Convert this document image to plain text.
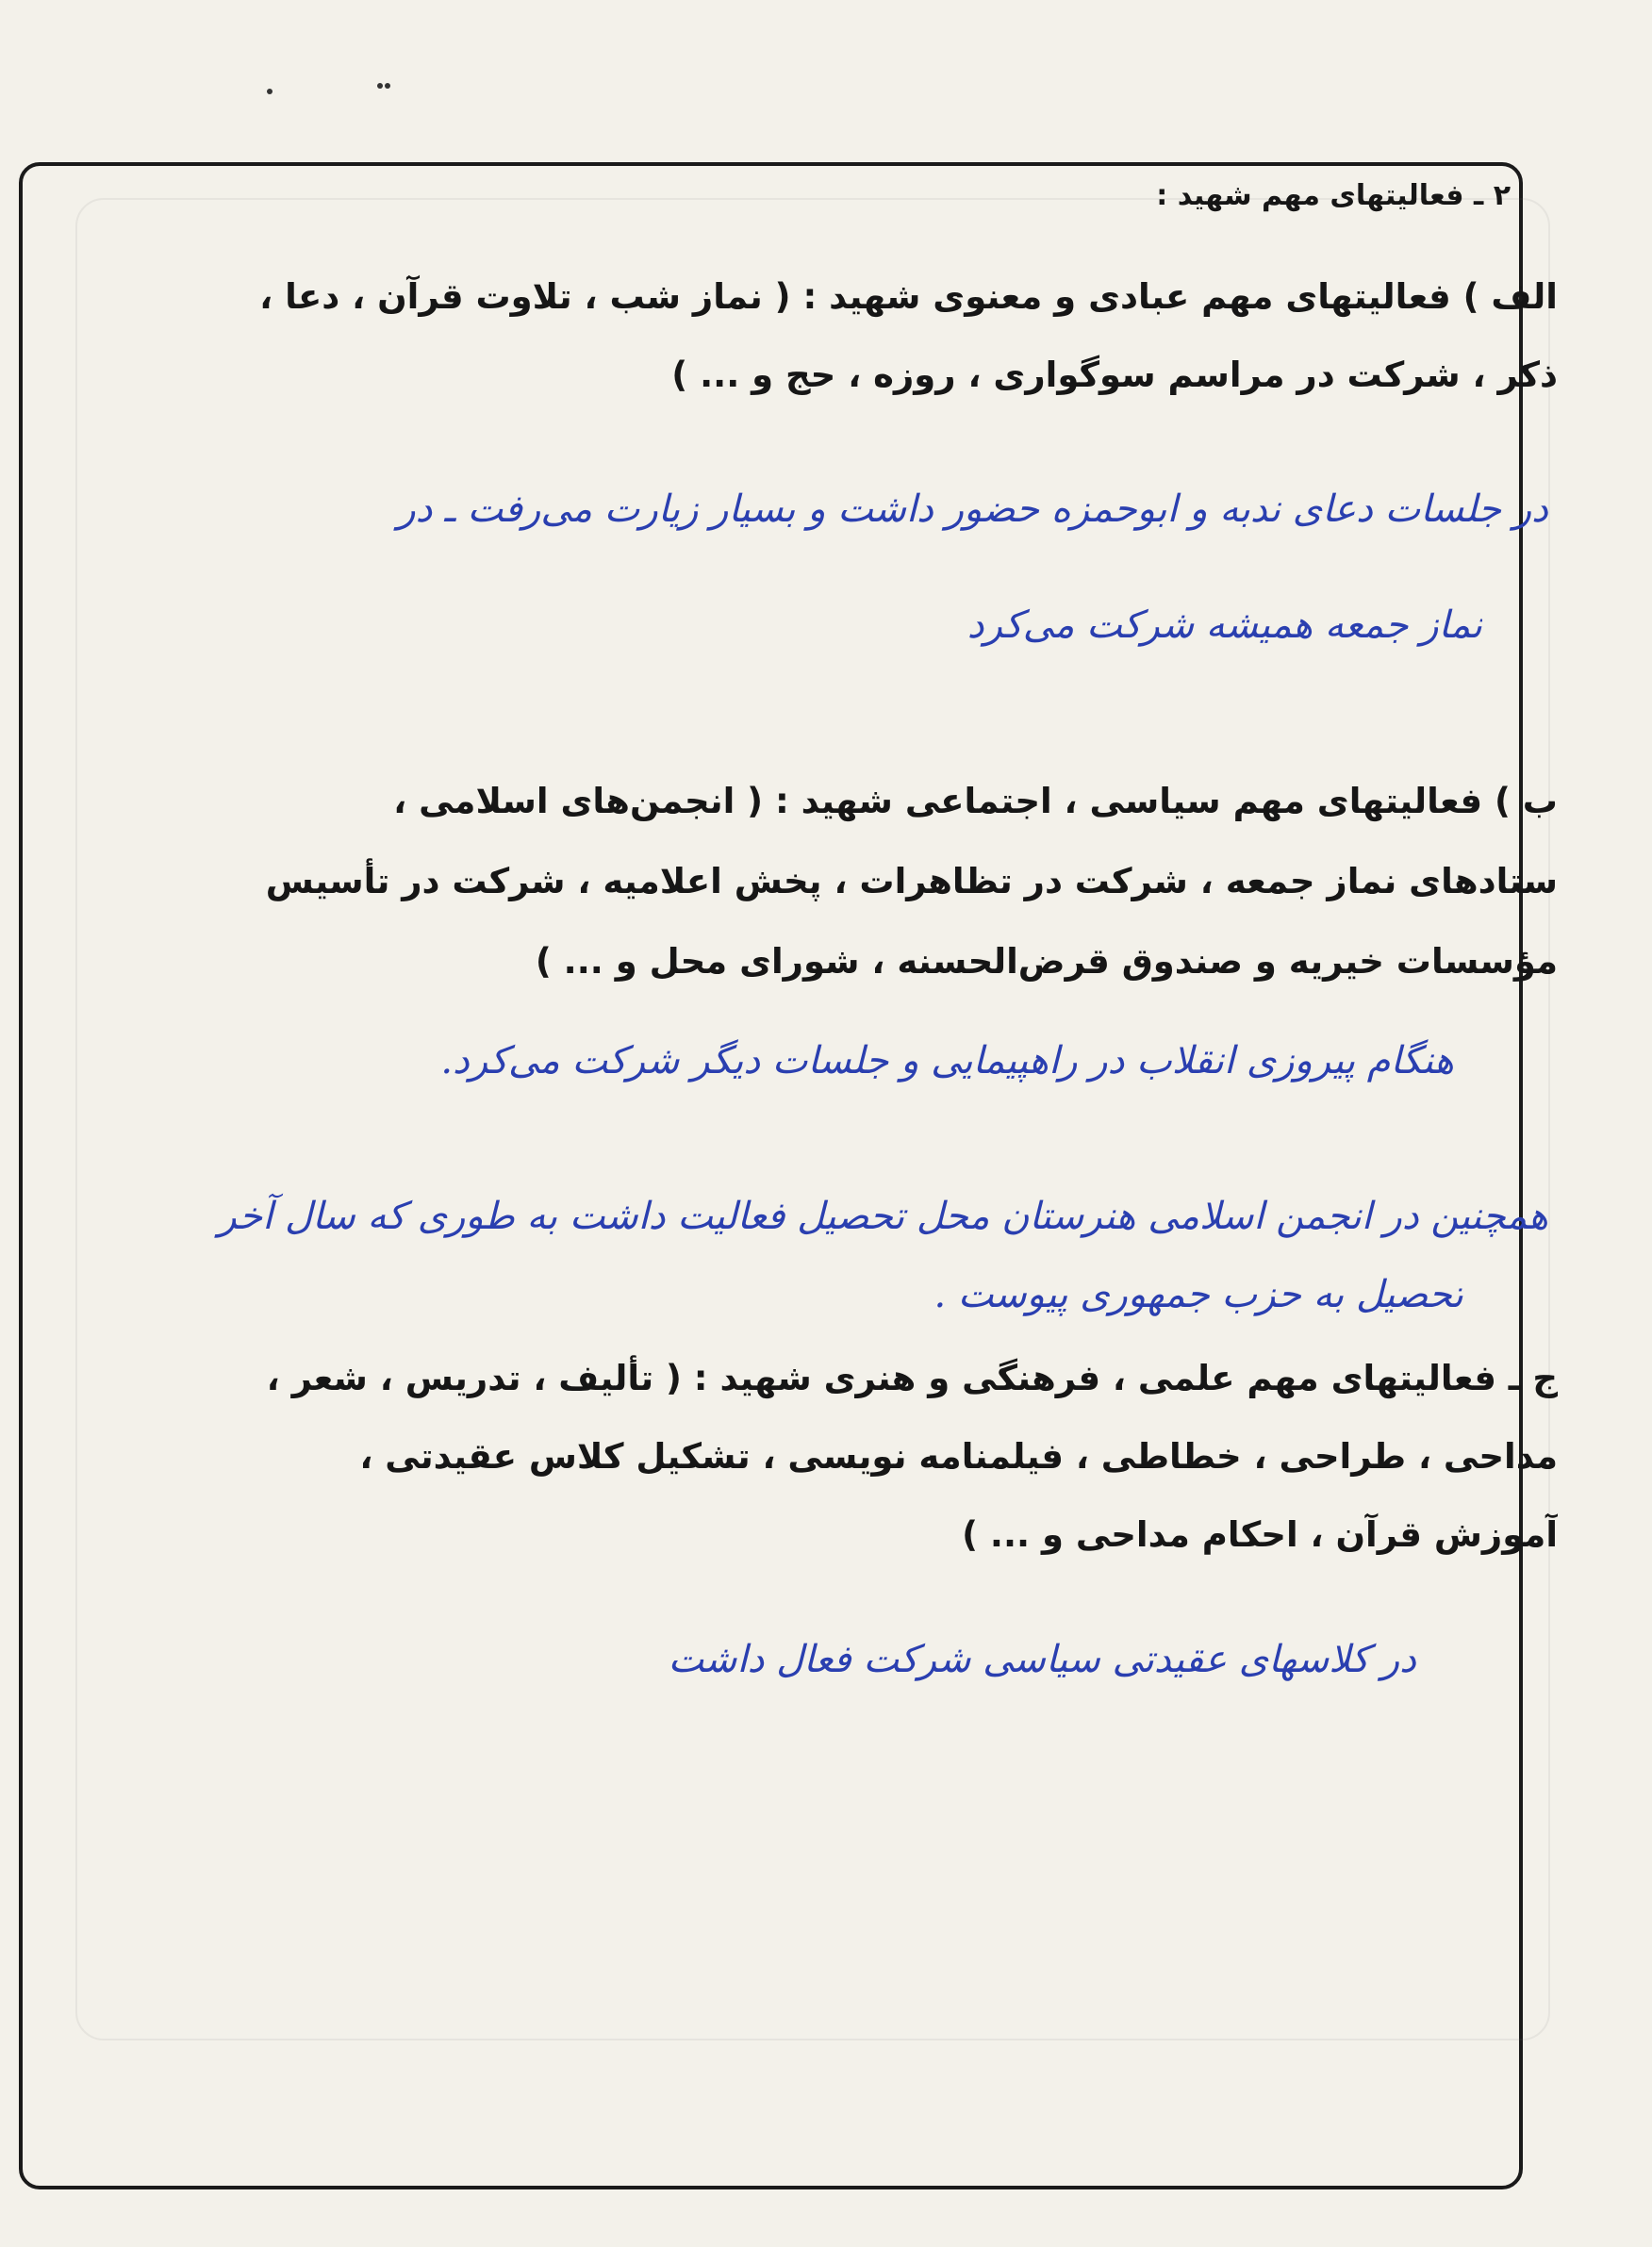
۲ ـ فعالیتهای مهم شهید :
الف ) فعالیتهای مهم عبادی و معنوی شهید : ( نماز شب ، تلاوت قرآن ، دعا ،
ذکر ، شرکت در مراسم سوگواری ، روزه ، حج و ... )
در جلسات دعای ندبه و ابوحمزه حضور داشت و بسیار زیارت می‌رفت ـ در
نماز جمعه همیشه شرکت می‌کرد
ب ) فعالیتهای مهم سیاسی ، اجتماعی شهید : ( انجمن‌های اسلامی ،
ستادهای نماز جمعه ، شرکت در تظاهرات ، پخش اعلامیه ، شرکت در تأسیس
مؤسسات خیریه و صندوق قرض‌الحسنه ، شورای محل و ... )
هنگام پیروزی انقلاب در راهپیمایی و جلسات دیگر شرکت می‌کرد.
همچنین در انجمن اسلامی هنرستان محل تحصیل فعالیت داشت به طوری که سال آخر
تحصیل به حزب جمهوری پیوست .
ج ـ فعالیتهای مهم علمی ، فرهنگی و هنری شهید : ( تألیف ، تدریس ، شعر ،
مداحی ، طراحی ، خطاطی ، فیلمنامه نویسی ، تشکیل کلاس عقیدتی ،
آموزش قرآن ، احکام مداحی و ... )
در کلاسهای عقیدتی سیاسی شرکت فعال داشت
